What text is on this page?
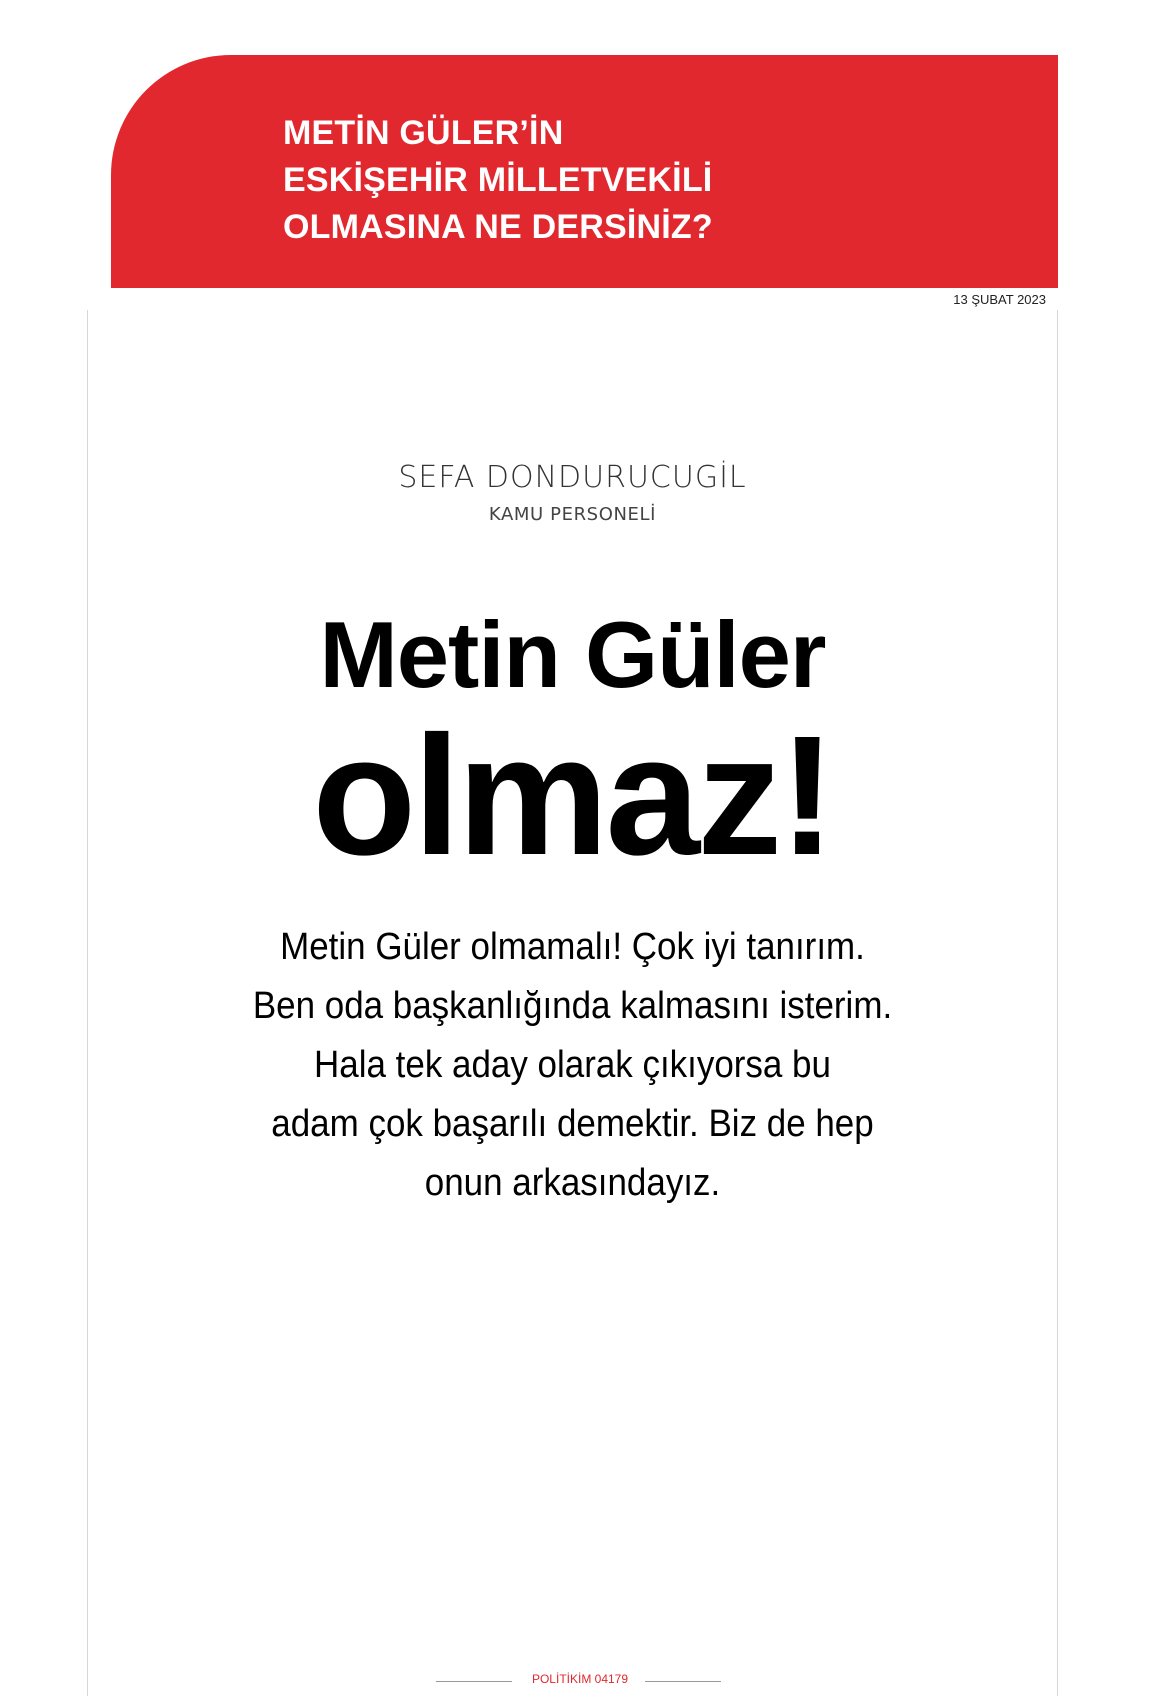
METİN GÜLER’İN
ESKİŞEHİR MİLLETVEKİLİ
OLMASINA NE DERSİNİZ?
13 ŞUBAT 2023
SEFA DONDURUCUGİL
KAMU PERSONELİ
Metin Güler
olmaz!
Metin Güler olmamalı! Çok iyi tanırım.
Ben oda başkanlığında kalmasını isterim.
Hala tek aday olarak çıkıyorsa bu
adam çok başarılı demektir. Biz de hep
onun arkasındayız.
POLİTİKİM 04179
